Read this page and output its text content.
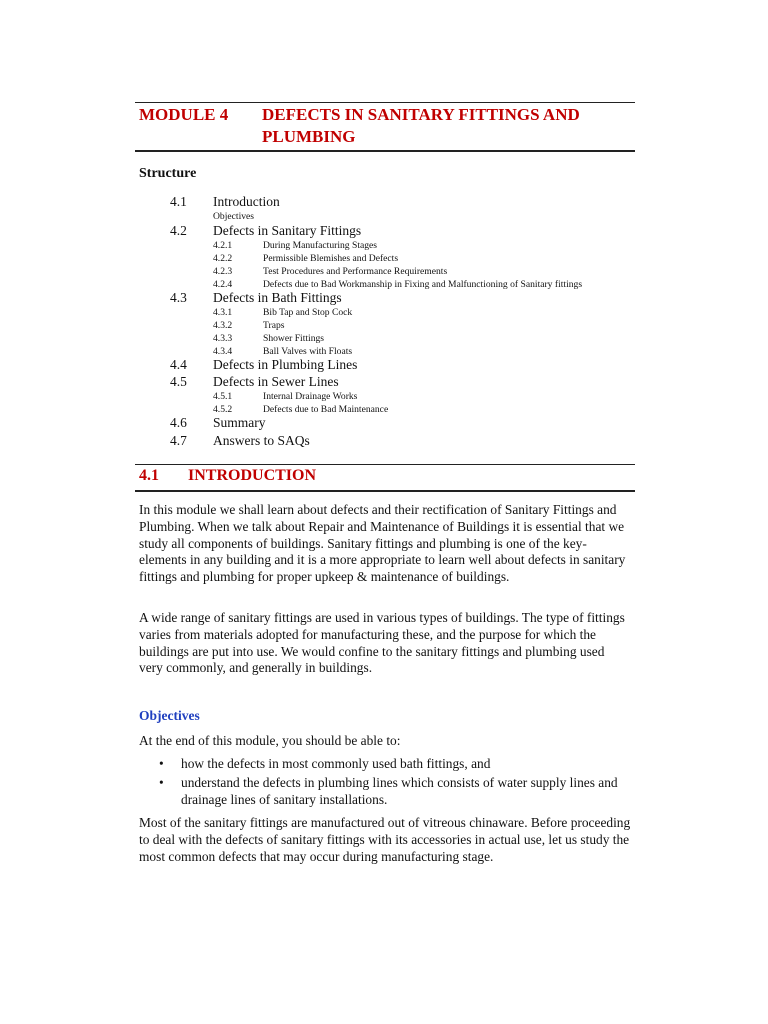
MODULE 4 DEFECTS IN SANITARY FITTINGS AND PLUMBING
Structure
4.1 Introduction
Objectives
4.2 Defects in Sanitary Fittings
4.2.1	During Manufacturing Stages
4.2.2	Permissible Blemishes and Defects
4.2.3	Test Procedures and Performance Requirements
4.2.4	Defects due to Bad Workmanship in Fixing and Malfunctioning of Sanitary fittings
4.3 Defects in Bath Fittings
4.3.1	Bib Tap and Stop Cock
4.3.2	Traps
4.3.3	Shower Fittings
4.3.4	Ball Valves with Floats
4.4 Defects in Plumbing Lines
4.5 Defects in Sewer Lines
4.5.1	Internal Drainage Works
4.5.2	Defects due to Bad Maintenance
4.6 Summary
4.7 Answers to SAQs
4.1 INTRODUCTION
In this module we shall learn about defects and their rectification of Sanitary Fittings and Plumbing. When we talk about Repair and Maintenance of Buildings it is essential that we study all components of buildings. Sanitary fittings and plumbing is one of the key-elements in any building and it is a more appropriate to learn well about defects in sanitary fittings and plumbing for proper upkeep & maintenance of buildings.
A wide range of sanitary fittings are used in various types of buildings. The type of fittings varies from materials adopted for manufacturing these, and the purpose for which the buildings are put into use. We would confine to the sanitary fittings and plumbing used very commonly, and generally in buildings.
Objectives
At the end of this module, you should be able to:
• how the defects in most commonly used bath fittings, and
• understand the defects in plumbing lines which consists of water supply lines and drainage lines of sanitary installations.
Most of the sanitary fittings are manufactured out of vitreous chinaware. Before proceeding to deal with the defects of sanitary fittings with its accessories in actual use, let us study the most common defects that may occur during manufacturing stage.
